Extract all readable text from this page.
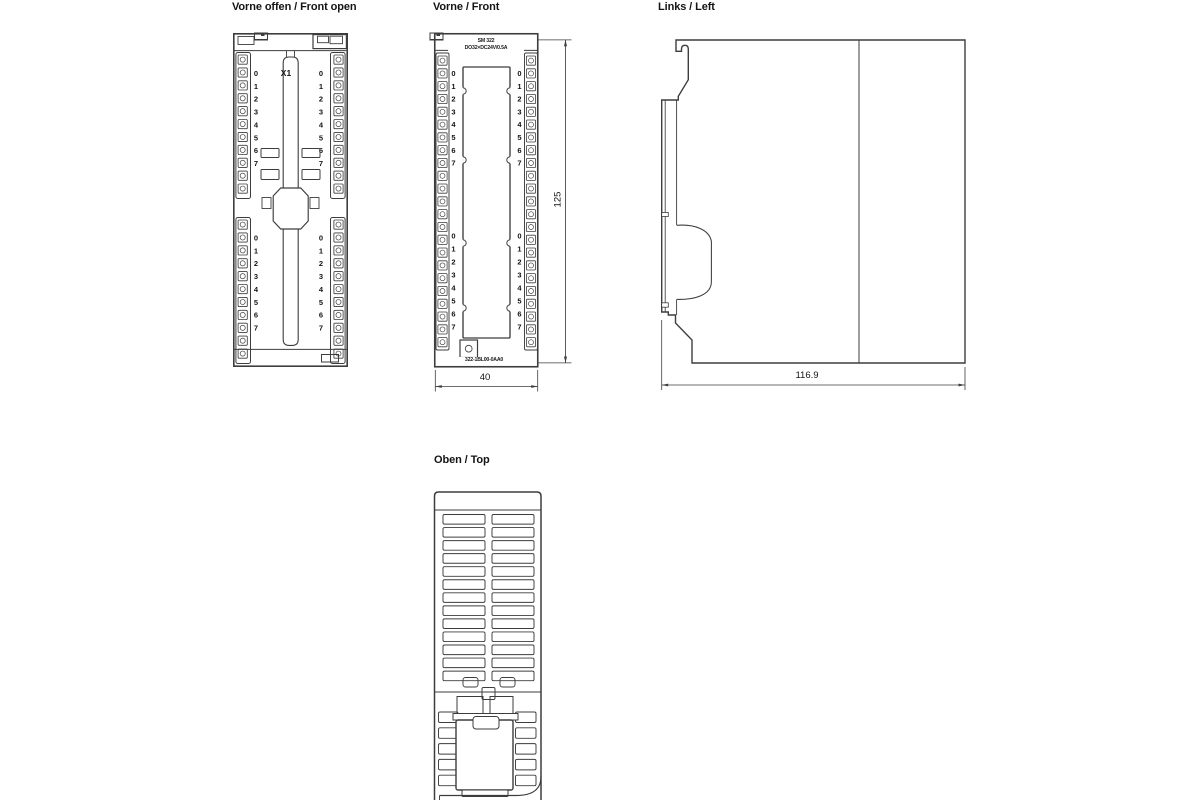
Vorne offen / Front open	Vorne / Front	Links / Left
Oben / Top
0	0
0	0
1	1
1	1
2	2
2	2
3	3
3	3
4	4
4	4
5	5
5	5
6	6
6	6
7	7
7	7
0	0
0	0
1	1
1	1
2	2
2	2
3	3
3	3
4	4
4	4
5	5
5	5
6	6
6	6
7	7
7	7
X1
SM 322
DO32×DC24V/0.5A
322-1BL00-0AA0
125
40	116.9
